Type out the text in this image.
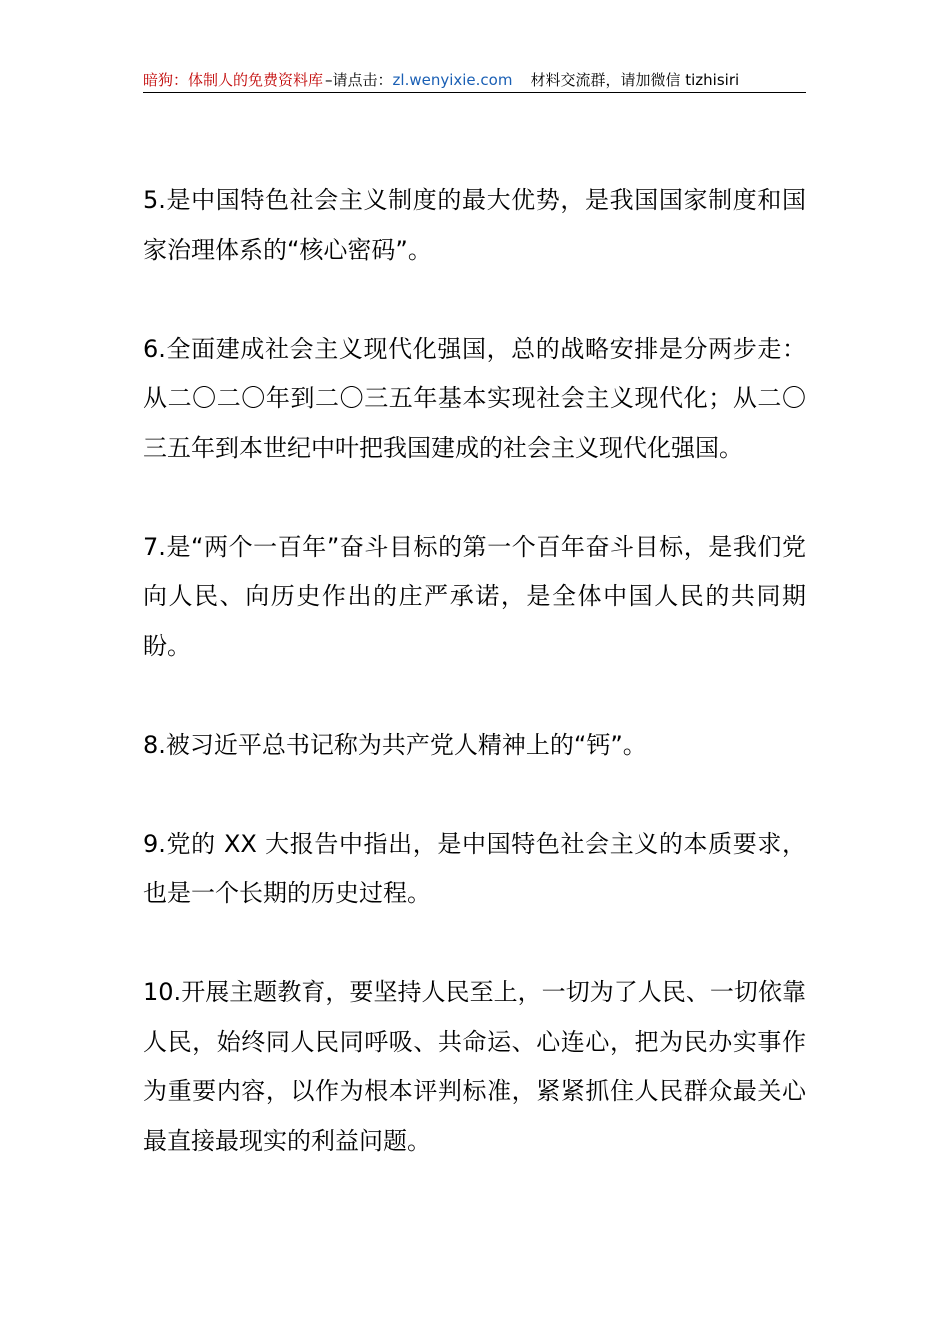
暗狗：体制人的免费资料库 –请点击： zl.wenyixie.com 材料交流群，请加微信 tizhisiri

5.是中国特色社会主义制度的最大优势，是我国国家制度和国家治理体系的“核心密码”。

6.全面建成社会主义现代化强国，总的战略安排是分两步走：从二〇二〇年到二〇三五年基本实现社会主义现代化；从二〇三五年到本世纪中叶把我国建成的社会主义现代化强国。

7.是“两个一百年”奋斗目标的第一个百年奋斗目标，是我们党向人民、向历史作出的庄严承诺，是全体中国人民的共同期盼。

8.被习近平总书记称为共产党人精神上的“钙”。

9.党的 XX 大报告中指出，是中国特色社会主义的本质要求，也是一个长期的历史过程。

10.开展主题教育，要坚持人民至上，一切为了人民、一切依靠人民，始终同人民同呼吸、共命运、心连心，把为民办实事作为重要内容，以作为根本评判标准，紧紧抓住人民群众最关心最直接最现实的利益问题。
